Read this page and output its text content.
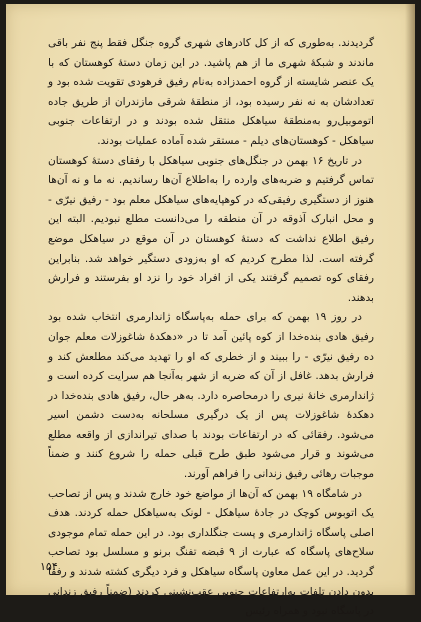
گردیدند. به‌طوری که از کل کادرهای شهری گروه جنگل فقط پنج نفر باقی ماندند و شبکهٔ شهری ما از هم پاشید. در این زمان دستهٔ کوهستان که با یک عنصر شایسته از گروه احمدزاده به‌نام رفیق فرهودی تقویت شده بود و تعدادشان به نه نفر رسیده بود، از منطقهٔ شرقی مازندران از طریق جاده اتوموبیل‌رو به‌منطقهٔ سیاهکل منتقل شده بودند و در ارتفاعات جنوبی سیاهکل - کوهستان‌های دیلم - مستقر شده آماده عملیات بودند.

در تاریخ ۱۶ بهمن در جنگل‌های جنوبی سیاهکل با رفقای دستهٔ کوهستان تماس گرفتیم و ضربه‌های وارده را به‌اطلاع آن‌ها رساندیم. نه ما و نه آن‌ها هنوز از دستگیری رفیقی‌که در کوهپایه‌های سیاهکل معلم بود - رفیق نیرّی - و محل انبارک آذوقه در آن منطقه را می‌دانست مطلع نبودیم. البته این رفیق اطلاع نداشت که دستهٔ کوهستان در آن موقع در سیاهکل موضع گرفته است. لذا مطرح کردیم که او به‌زودی دستگیر خواهد شد. بنابراین رفقای کوه تصمیم گرفتند یکی از افراد خود را نزد او بفرستند و فرارش بدهند.

در روز ۱۹ بهمن که برای حمله به‌پاسگاه ژاندارمری انتخاب شده بود رفیق هادی بنده‌خدا از کوه پائین آمد تا در «دهکدهٔ شاغوزلات معلم جوان ده رفیق نیرّی - را ببیند و از خطری که او را تهدید می‌کند مطلعش کند و فرارش بدهد. غافل از آن که ضربه از شهر به‌آنجا هم سرایت کرده است و ژاندارمری خانهٔ نیری را درمحاصره دارد. به‌هر حال، رفیق هادی بنده‌خدا در دهکدهٔ شاغوزلات پس از یک درگیری مسلحانه به‌دست دشمن اسیر می‌شود. رفقائی که در ارتفاعات بودند با صدای تیراندازی از واقعه مطلع می‌شوند و قرار می‌شود طبق طرح قبلی حمله را شروع کنند و ضمناً موجبات رهائی رفیق زندانی را فراهم آورند.

در شامگاه ۱۹ بهمن که آن‌ها از مواضع خود خارج شدند و پس از تصاحب یک اتوبوس کوچک در جادهٔ سیاهکل - لونک به‌سیاهکل حمله کردند. هدف اصلی پاسگاه ژاندارمری و پست جنگلداری بود. در این حمله تمام موجودی سلاح‌های پاسگاه که عبارت از ۹ قبضه تفنگ برنو و مسلسل بود تصاحب گردید. در این عمل معاون پاسگاه سیاهکل و فرد دیگری کشته شدند و رفقا بدون دادن تلفات به‌ارتفاعات جنوبی عقب‌نشینی کردند (ضمناً رفیق زندانی در پاسگاه نبود و همراه رئیس

۱۵۴
